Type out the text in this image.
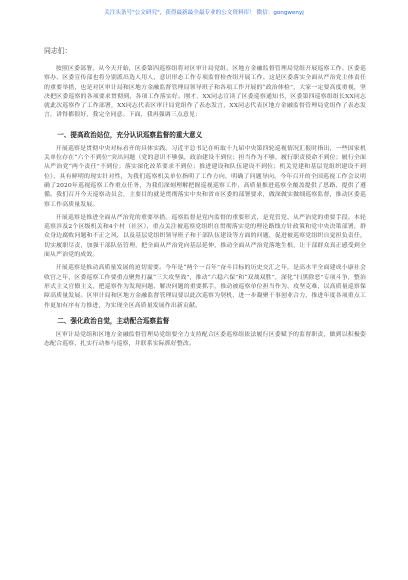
关注头条号"公文研究"，获得最新最全最专业的公文资料库！ 微信：gongwenyj

同志们：

按照区委部署，从今天开始，区委第四巡察组将对区审计局党组、区地方金融监督管理局党组开展巡察工作。区委巡察办、区委宣传部也将分别派出选人用人、意识形态工作专项监督检查组开展工作。这是区委落实全面从严治党主体责任的重要举措，也是对区审计局和区地方金融监督管理局领导班子和各项工作开展的“政治体检”，大家一定要高度重视，坚决把区委巡察的各项要求贯彻到，各项工作落实好。刚才，XX同志宣读了区委巡察通知书，区委第四巡察组组长XX同志就此次巡察作了工作部署，XX同志代表区审计局党组作了表态发言，XX同志代表区地方金融监督管理局党组作了表态发言，讲得都很好，我完全同意。下面，我再强调三点意见：

一、提高政治站位，充分认识巡察监督的重大意义

开展巡察是贯彻中央对标看齐的具体实践。习近平总书记在听取十九届中央第四轮巡视情况汇报时指出，一些国家机关单位存在“六个不到位”突出问题（党的意识不够强，政治建设不到位；担当作为不够，履行职责使命不到位；履行全面从严治党“两个责任”不到位；落实深化改革要求不到位；推进建设和队伍建设不到位；机关党建和基层党组织建设不到位），具有鲜明的现实针对性，为我们巡察机关单位指明了工作方向，明确了问题导向。今年召开的全国巡视工作会议明确了2020年巡视巡察工作重点任务，为我们深刻理解把握巡视巡察工作、高质量推进巡察全覆盖提供了思路、提供了遵循。我们召开今天巡察动员会，主要目的就是贯彻落实中央和省市区委的部署要求，做深做实做细巡察监督，推动区委巡察工作高质量发展。

开展巡察是推进全面从严治党的重要举措。巡察监督是党内监督的重要形式，是党管党、从严治党的重要手段。本轮巡察涉及2个区级机关和4个村（社区），重点关注被巡察党组织在贯彻落实党的理论路线方针政策和党中央决策部署，群众身边腐败问题和不正之风，以及基层党组织领导班子和干部队伍建设等方面的问题，促进被巡察党组织自觉担负责任，切实履职尽责，加强干部队伍管理，把全面从严治党向基层延伸，推动全面从严治党落地生根，让干部群众真正感受到全面从严治党的成效。

开展巡察是推动高质量发展的迫切需要。今年是“两个一百年”奋斗目标的历史交汇之年，是高水平全面建成小康社会收官之年，区委巡察工作要重点聚焦打赢“三大攻坚战”，推动“六稳六保”和“双战双胜”，深化“扫黑除恶”专项斗争，整治形式主义官僚主义，把巡察作为发现问题、解决问题的重要抓手，推动被巡察单位担当作为、攻坚克难，以高质量巡察保障高质量发展。区审计局和区地方金融监督管理局要以此次巡察为契机，进一步凝聚干事创业合力，推进年度各项重点工作更加有序有力推进，为实现全区高质量发展作出新贡献。

二、强化政治自觉，主动配合巡察监督

区审计局党组和区地方金融监督管理局党组要全力支持配合区委巡察组依法履行区委赋予的监督职责，做到以积极姿态配合巡察，扎实行动参与巡察，并联系实际抓好整改。
